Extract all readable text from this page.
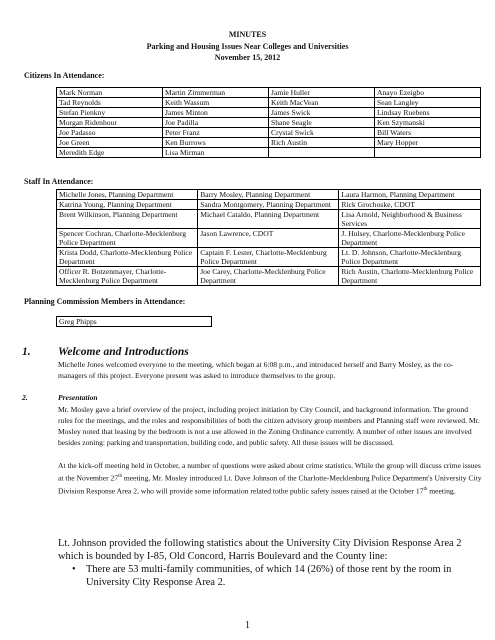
MINUTES
Parking and Housing Issues Near Colleges and Universities
November 15, 2012
Citizens In Attendance:
Mark Norman	Martin Zimmerman	Jamie Huller	Anayo Ezeigbo
Tad Reynolds	Keith Wassum	Keith MacVean	Sean Langley
Stefan Pienkny	James Minton	James Swick	Lindsay Ruebens
Morgan Ridenhour	Joe Padilla	Shane Seagle	Ken Szymanski
Joe Padasso	Peter Franz	Crystal Swick	Bill Waters
Joe Green	Ken Burrows	Rich Austin	Mary Hopper
Meredith Edge	Lisa Mirman		
Staff In Attendance:
Michelle Jones, Planning Department	Barry Mosley, Planning Department	Laura Harmon, Planning Department
Katrina Young, Planning Department	Sandra Montgomery, Planning Department	Rick Grochoske, CDOT
Brent Wilkinson, Planning Department	Michael Cataldo, Planning Department	Lisa Arnold, Neighborhood & Business Services
Spencer Cochran, Charlotte-Mecklenburg Police Department	Jason Lawrence, CDOT	J. Hulsey, Charlotte-Mecklenburg Police Department
Krista Dodd, Charlotte-Mecklenburg Police Department	Captain F. Lester, Charlotte-Mecklenburg Police Department	Lt. D. Johnson, Charlotte-Mecklenburg Police Department
Officer R. Botzenmayer, Charlotte-Mecklenburg Police Department	Joe Carey, Charlotte-Mecklenburg Police Department	Rich Austin, Charlotte-Mecklenburg Police Department
Planning Commission Members in Attendance:
Greg Phipps
1. Welcome and Introductions
Michelle Jones welcomed everyone to the meeting, which began at 6:08 p.m., and introduced herself and Barry Mosley, as the co-managers of this project. Everyone present was asked to introduce themselves to the group.
2.	Presentation
Mr. Mosley gave a brief overview of the project, including project initiation by City Council, and background information. The ground rules for the meetings, and the roles and responsibilities of both the citizen advisory group members and Planning staff were reviewed. Mr. Mosley noted that leasing by the bedroom is not a use allowed in the Zoning Ordinance currently. A number of other issues are involved besides zoning: parking and transportation, building code, and public safety. All these issues will be discussed.
At the kick-off meeting held in October, a number of questions were asked about crime statistics. While the group will discuss crime issues at the November 27th meeting, Mr. Mosley introduced Lt. Dave Johnson of the Charlotte-Mecklenburg Police Department's University City Division Response Area 2, who will provide some information related tothe public safety issues raised at the October 17th meeting.
Lt. Johnson provided the following statistics about the University City Division Response Area 2 which is bounded by I-85, Old Concord, Harris Boulevard and the County line:
• There are 53 multi-family communities, of which 14 (26%) of those rent by the room in University City Response Area 2.
1
